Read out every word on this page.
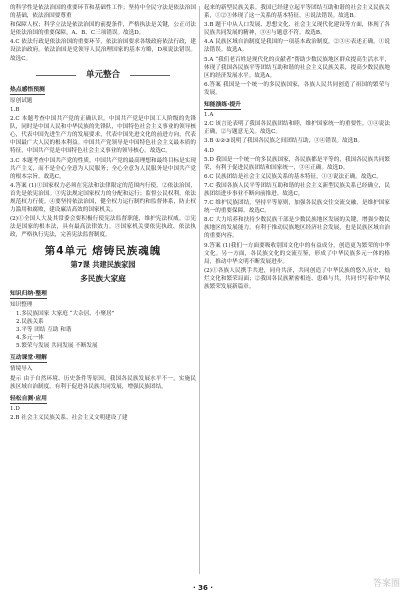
的科学性是依法治国的重要环节和基础性工作；坚持中全民守法是依法治国的基础，依法治国要尊重

和保障人权；科学立法是依法治国的前提条件，严格执法是关键，公正司法是依法治国的重要保障。A、B、C三项错误。故选D。

4.C 依法行政是依法治国的重要环节，依法治国要求各级政府依法行政，建设法治政府。依法治国是党领导人民治理国家的基本方略，D项说法错误。故选C。

单元整合
热点感悟预测
原创试题

1.B

2.C 本题考查中国共产党的正确认识。中国共产党是中国工人阶级的先锋队，同时是中国人民和中华民族的先锋队，中国特色社会主义事业的领导核心，代表中国先进生产力的发展要求，代表中国先进文化的前进方向，代表中国最广大人民的根本利益。中国共产党领导是中国特色社会主义最本质的特征，中国共产党是中国特色社会主义事业的领导核心。故选C。

3.C 本题考查中国共产党的性质。中国共产党的最高理想和最终目标是实现共产主义，而不是全心全意为人民服务；全心全意为人民服务是中国共产党的根本宗旨。故选C。

4.答案 (1)①国家权力必须在宪法和法律限定的范围内行使。②依法治国，首先是依宪治国。③宪法规定国家权力的分配和运行；监督公民权利，依法规范权力行使。④要坚持依法治国，健全权力运行制约和监督体系，防止权力滥用和腐败，建设廉洁高效的国家机关。

(2)①全国人大及其常委会要积极行使宪法监督职能，维护宪法权威。②宪法是国家的根本法，具有最高法律效力。③国家机关要依宪执政、依法执政，严格执行宪法，完善宪法监督制度。

第4单元 熔铸民族魂魄
第7课 共建民族家园
多民族大家庭
知识归纳·整理
知识整理

1.多民族国家 大家庭 “大杂居、小聚居”

2.民族关系

3.平等 团结 互助 和谐

4.多元一体

5.繁荣与发展 共同发展 不断发展

互动课堂·理解
情境导入

提示 由于自然环境、历史条件等原因，我国各民族发展水平不一，实施民族区域自治制度，有利于促进各民族共同发展，增强民族团结。

轻松自测·应用

1.D

2.B 社会主义民族关系、社会主义文明建设了建

起来的新型民族关系。我国已经建立起平等团结互助和谐的社会主义民族关系，①②③体现了这一关系的基本特征。④说法错误。故选B。

3.B 题干中从人口发展、思想文化、社会主义现代化建设等方面，体现了各民族共同发展的精神，③④与题意不符。故选B。

4.A 民族区域自治制度是我国的一项基本政治制度，②③④表述正确。①说法错误。故选A。

5.A “我们老百姓是现代化的贡献者”帮助少数民族地区群众提高生活水平，体现了我国各民族平等团结互助和谐的社会主义民族关系，提高少数民族地区的经济发展水平。故选A。

6.答案 我国是一个统一的多民族国家，各族人民共同创造了祖国的繁荣与发展。

知能演练·提升

1.A

2.C 该言论表明了我国各民族团结和睦，维护国家统一的重要性。①④说法正确，②与题意无关。故选C。

3.B ①②③说明了我国各民族之间团结互助，③④错误。故选B。

4.D

5.D 我国是一个统一的多民族国家，各民族都是平等的，我国各民族共同繁荣，有利于促进民族团结和国家统一，③④正确。故选D。

6.C 民族团结是社会主义民族关系的基本特征，①③说法正确。故选C。

7.C 我国各族人民平等团结互助和谐的社会主义新型民族关系已经确立，民族团结进步事业不断向前推进。故选C。

7.C 维护民族团结，坚持平等原则，加强各民族交往交流交融，是维护国家统一的重要保障。故选C。

8.C 大力培养和扶持少数民族干部是少数民族地区发展的关键，增强少数民族地区的发展能力，有利于推动民族地区经济社会发展，也是民族区域自治的重要内容。

9.答案 (1)我们一方面要吸收别国文化中的有益成分，创造更为繁荣的中华文化。另一方面，各民族文化的交流互鉴，形成了中华民族多元一体的格局，推动中华文明不断发展进步。

(2)①各族人民携手共进，同舟共济，共同创造了中华民族的悠久历史、灿烂文化和繁荣局面；②我国各民族紧密相连、患难与共，共同书写着中华民族繁荣发展新篇章。

· 36 ·	答案圈
